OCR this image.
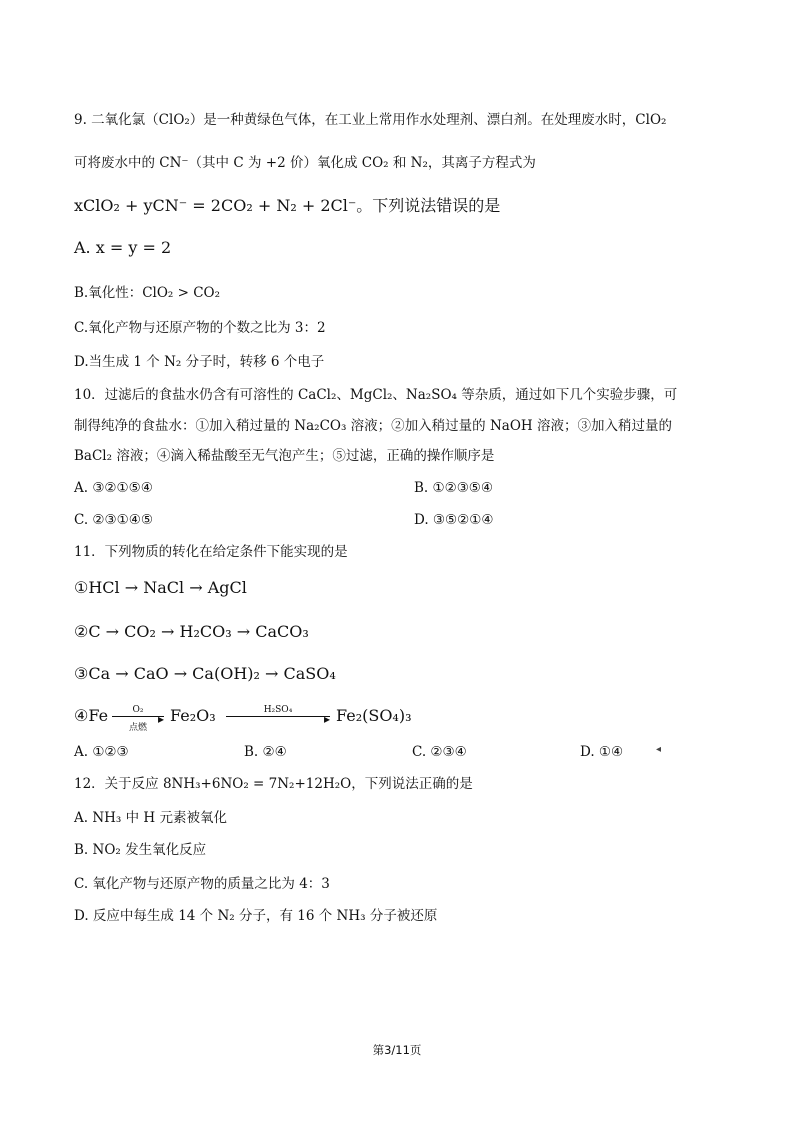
9. 二氧化氯（ClO₂）是一种黄绿色气体，在工业上常用作水处理剂、漂白剂。在处理废水时，ClO₂
可将废水中的 CN⁻（其中 C 为 +2 价）氧化成 CO₂ 和 N₂，其离子方程式为
xClO₂ + yCN⁻ = 2CO₂ + N₂ + 2Cl⁻。下列说法错误的是
A. x = y = 2
B.氧化性：ClO₂ > CO₂
C.氧化产物与还原产物的个数之比为 3：2
D.当生成 1 个 N₂ 分子时，转移 6 个电子
10．过滤后的食盐水仍含有可溶性的 CaCl₂、MgCl₂、Na₂SO₄ 等杂质，通过如下几个实验步骤，可
制得纯净的食盐水：①加入稍过量的 Na₂CO₃ 溶液；②加入稍过量的 NaOH 溶液；③加入稍过量的
BaCl₂ 溶液；④滴入稀盐酸至无气泡产生；⑤过滤，正确的操作顺序是
A. ③②①⑤④	B. ①②③⑤④
C. ②③①④⑤	D. ③⑤②①④
11．下列物质的转化在给定条件下能实现的是
①HCl → NaCl → AgCl
②C → CO₂ → H₂CO₃ → CaCO₃
③Ca → CaO → Ca(OH)₂ → CaSO₄
④Fe	O₂
▸
点燃
Fe₂O₃	H₂SO₄
▸ Fe₂(SO₄)₃
A. ①②③	B. ②④	C. ②③④	D. ①④	◂
12．关于反应 8NH₃+6NO₂ = 7N₂+12H₂O，下列说法正确的是
A. NH₃ 中 H 元素被氧化
B. NO₂ 发生氧化反应
C. 氧化产物与还原产物的质量之比为 4：3
D. 反应中每生成 14 个 N₂ 分子，有 16 个 NH₃ 分子被还原
第3/11页
